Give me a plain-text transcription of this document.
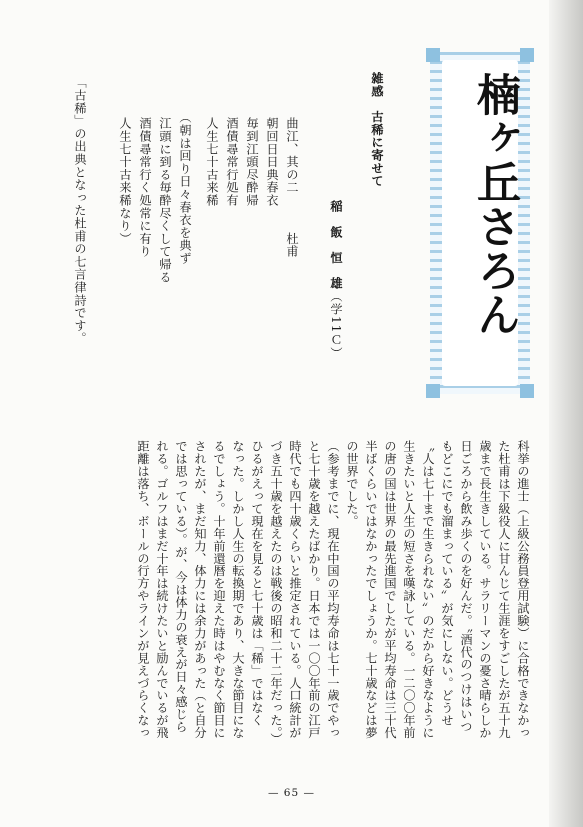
楠ヶ丘さろん
雑感　古稀に寄せて
稲　飯　恒　雄（学11Ｃ）
曲江、其の二　　　杜甫
朝回日日典春衣
毎到江頭尽酔帰
酒債尋常行処有
人生七十古来稀
（朝は回り日々春衣を典ず
江頭に到る毎酔尽くして帰る
酒債尋常行く処常に有り
人生七十古来稀なり）
「古稀」の出典となった杜甫の七言律詩です。
科挙の進士（上級公務員登用試験）に合格できなかっ
た杜甫は下級役人に甘んじて生涯をすごしたが五十九
歳まで長生きしている。サラリーマンの憂さ晴らしか
日ごろから飲み歩くのを好んだ。〝酒代のつけはいつ
もどこにでも溜まっている〟が気にしない。どうせ
〝人は七十まで生きられない〟のだから好きなように
生きたいと人生の短さを嘆詠している。一二〇〇年前
の唐の国は世界の最先進国でしたが平均寿命は三十代
半ばくらいではなかったでしょうか。七十歳などは夢
の世界でした。
（参考までに、現在中国の平均寿命は七十一歳でやっ
と七十歳を越えたばかり。日本では一〇〇年前の江戸
時代でも四十歳くらいと推定されている。人口統計が
づき五十歳を越えたのは戦後の昭和二十二年だった。）
ひるがえって現在を見ると七十歳は「稀」ではなく
なった。しかし人生の転換期であり、大きな節目にな
るでしょう。十年前還暦を迎えた時はやむなく節目に
されたが、まだ知力、体力には余力があった（と自分
では思っている）。が、今は体力の衰えが日々感じら
れる。ゴルフはまだ十年は続けたいと励んでいるが飛
距離は落ち、ボールの行方やラインが見えづらくなっ
— 65 —
